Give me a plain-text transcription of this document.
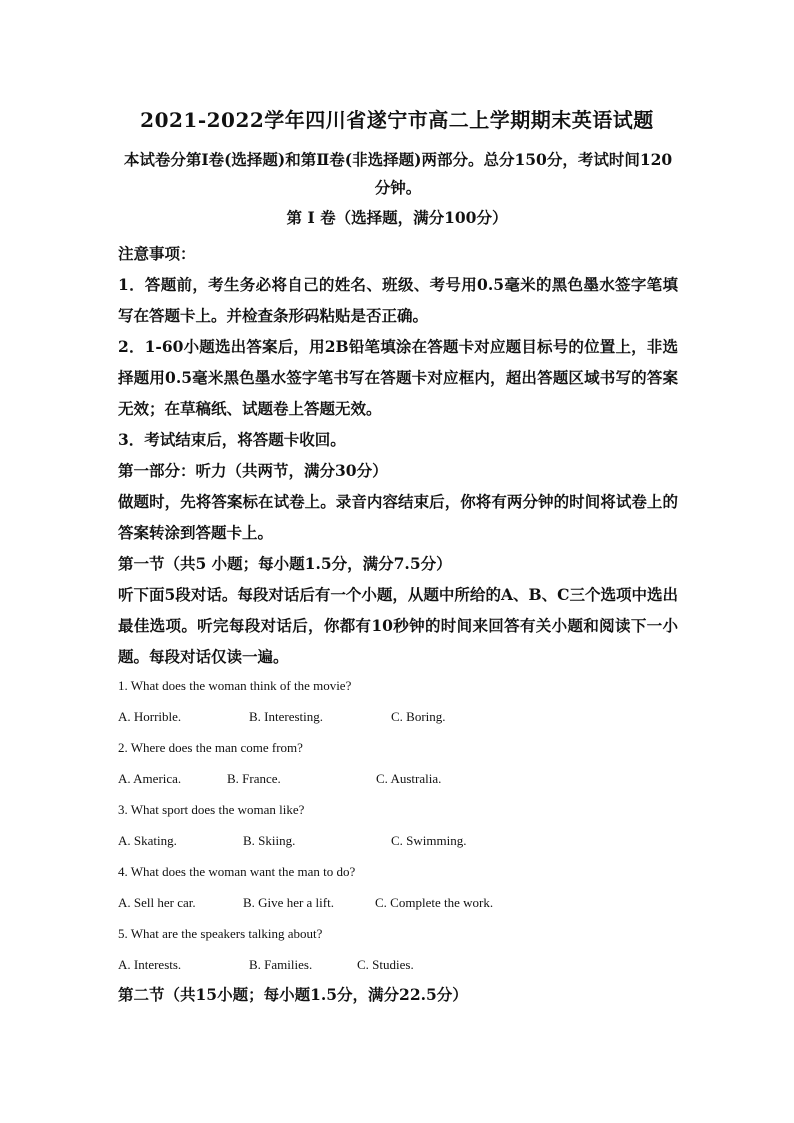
2021-2022学年四川省遂宁市高二上学期期末英语试题
本试卷分第Ⅰ卷(选择题)和第Ⅱ卷(非选择题)两部分。总分150分，考试时间120分钟。
第 Ⅰ 卷（选择题，满分100分）

注意事项：

1．答题前，考生务必将自己的姓名、班级、考号用0.5毫米的黑色墨水签字笔填写在答题卡上。并检查条形码粘贴是否正确。

2．1-60小题选出答案后，用2B铅笔填涂在答题卡对应题目标号的位置上，非选择题用0.5毫米黑色墨水签字笔书写在答题卡对应框内，超出答题区域书写的答案无效；在草稿纸、试题卷上答题无效。

3．考试结束后，将答题卡收回。

第一部分：听力（共两节，满分30分）

做题时，先将答案标在试卷上。录音内容结束后，你将有两分钟的时间将试卷上的答案转涂到答题卡上。

第一节（共5 小题；每小题1.5分，满分7.5分）

听下面5段对话。每段对话后有一个小题，从题中所给的A、B、C三个选项中选出最佳选项。听完每段对话后，你都有10秒钟的时间来回答有关小题和阅读下一小题。每段对话仅读一遍。

1. What does the woman think of the movie?

A. Horrible.	B. Interesting.	C. Boring.

2. Where does the man come from?

A. America.	B. France.	C. Australia.

3. What sport does the woman like?

A. Skating.	B. Skiing.	C. Swimming.

4. What does the woman want the man to do?

A. Sell her car.	B. Give her a lift.	C. Complete the work.

5. What are the speakers talking about?

A. Interests.	B. Families.	C. Studies.
第二节（共15小题；每小题1.5分，满分22.5分）
